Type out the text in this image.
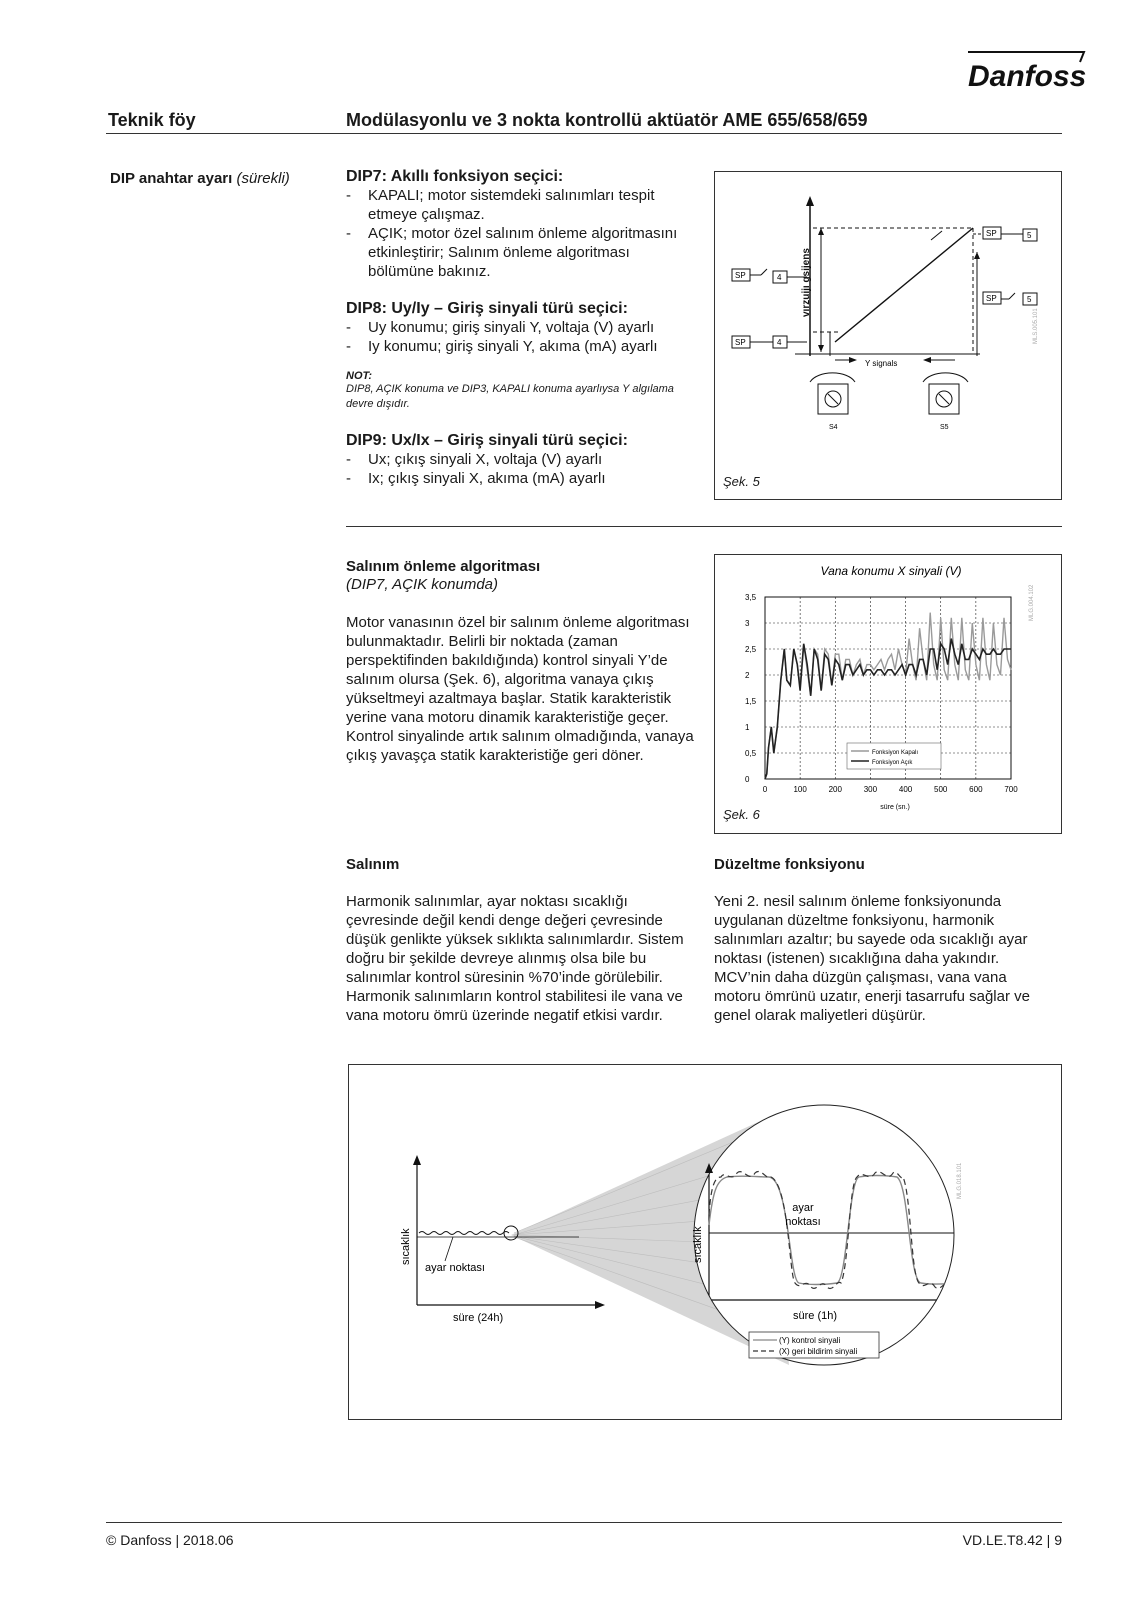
Danfoss
Teknik föy	Modülasyonlu ve 3 nokta kontrollü aktüatör AME 655/658/659
DIP anahtar ayarı (sürekli)	DIP7: Akıllı fonksiyon seçici:

- KAPALI; motor sistemdeki salınımları tespit etmeye çalışmaz.
- AÇIK; motor özel salınım önleme algoritmasını etkinleştirir; Salınım önleme algoritması bölümüne bakınız.

DIP8: Uy/Iy – Giriş sinyali türü seçici:

- Uy konumu; giriş sinyali Y, voltaja (V) ayarlı
- Iy konumu; giriş sinyali Y, akıma (mA) ayarlı
NOT:
DIP8, AÇIK konuma ve DIP3, KAPALI konuma ayarlıysa Y algılama devre dışıdır.

DIP9: Ux/Ix – Giriş sinyali türü seçici:

- Ux; çıkış sinyali X, voltaja (V) ayarlı
- Ix; çıkış sinyali X, akıma (mA) ayarlı
vırzuijı gsijens
SP	4
SP	4
SP	5
SP	5
Y signals
S4	S5
MLS.005.101
Şek. 5

Salınım önleme algoritması

(DIP7, AÇIK konumda)
Motor vanasının özel bir salınım önleme algoritması bulunmaktadır. Belirli bir noktada (zaman perspektifinden bakıldığında) kontrol sinyali Y’de salınım olursa (Şek. 6), algoritma vanaya çıkış yükseltmeyi azaltmaya başlar. Statik karakteristik yerine vana motoru dinamik karakteristiğe geçer. Kontrol sinyalinde artık salınım olmadığında, vanaya çıkış yavaşça statik karakteristiğe geri döner.
Vana konumu X sinyali (V)
0
0,5
1
1,5
2
2,5
3
3,5
0	100	200	300	400	500	600	700
süre (sn.)
Fonksiyon Kapalı
Fonksiyon Açık
MLG.004.102
Şek. 6

Salınım

Harmonik salınımlar, ayar noktası sıcaklığı çevresinde değil kendi denge değeri çevresinde düşük genlikte yüksek sıklıkta salınımlardır. Sistem doğru bir şekilde devreye alınmış olsa bile bu salınımlar kontrol süresinin %70’inde görülebilir. Harmonik salınımların kontrol stabilitesi ile vana ve vana motoru ömrü üzerinde negatif etkisi vardır.

Düzeltme fonksiyonu

Yeni 2. nesil salınım önleme fonksiyonunda uygulanan düzeltme fonksiyonu, harmonik salınımları azaltır; bu sayede oda sıcaklığı ayar noktası (istenen) sıcaklığına daha yakındır. MCV’nin daha düzgün çalışması, vana vana motoru ömrünü uzatır, enerji tasarrufu sağlar ve genel olarak maliyetleri düşürür.
sıcaklık
ayar noktası
süre (24h)
sıcaklık
ayar
noktası
süre (1h)
(Y) kontrol sinyali
(X) geri bildirim sinyali
MLG.018.101
© Danfoss | 2018.06	VD.LE.T8.42 | 9
